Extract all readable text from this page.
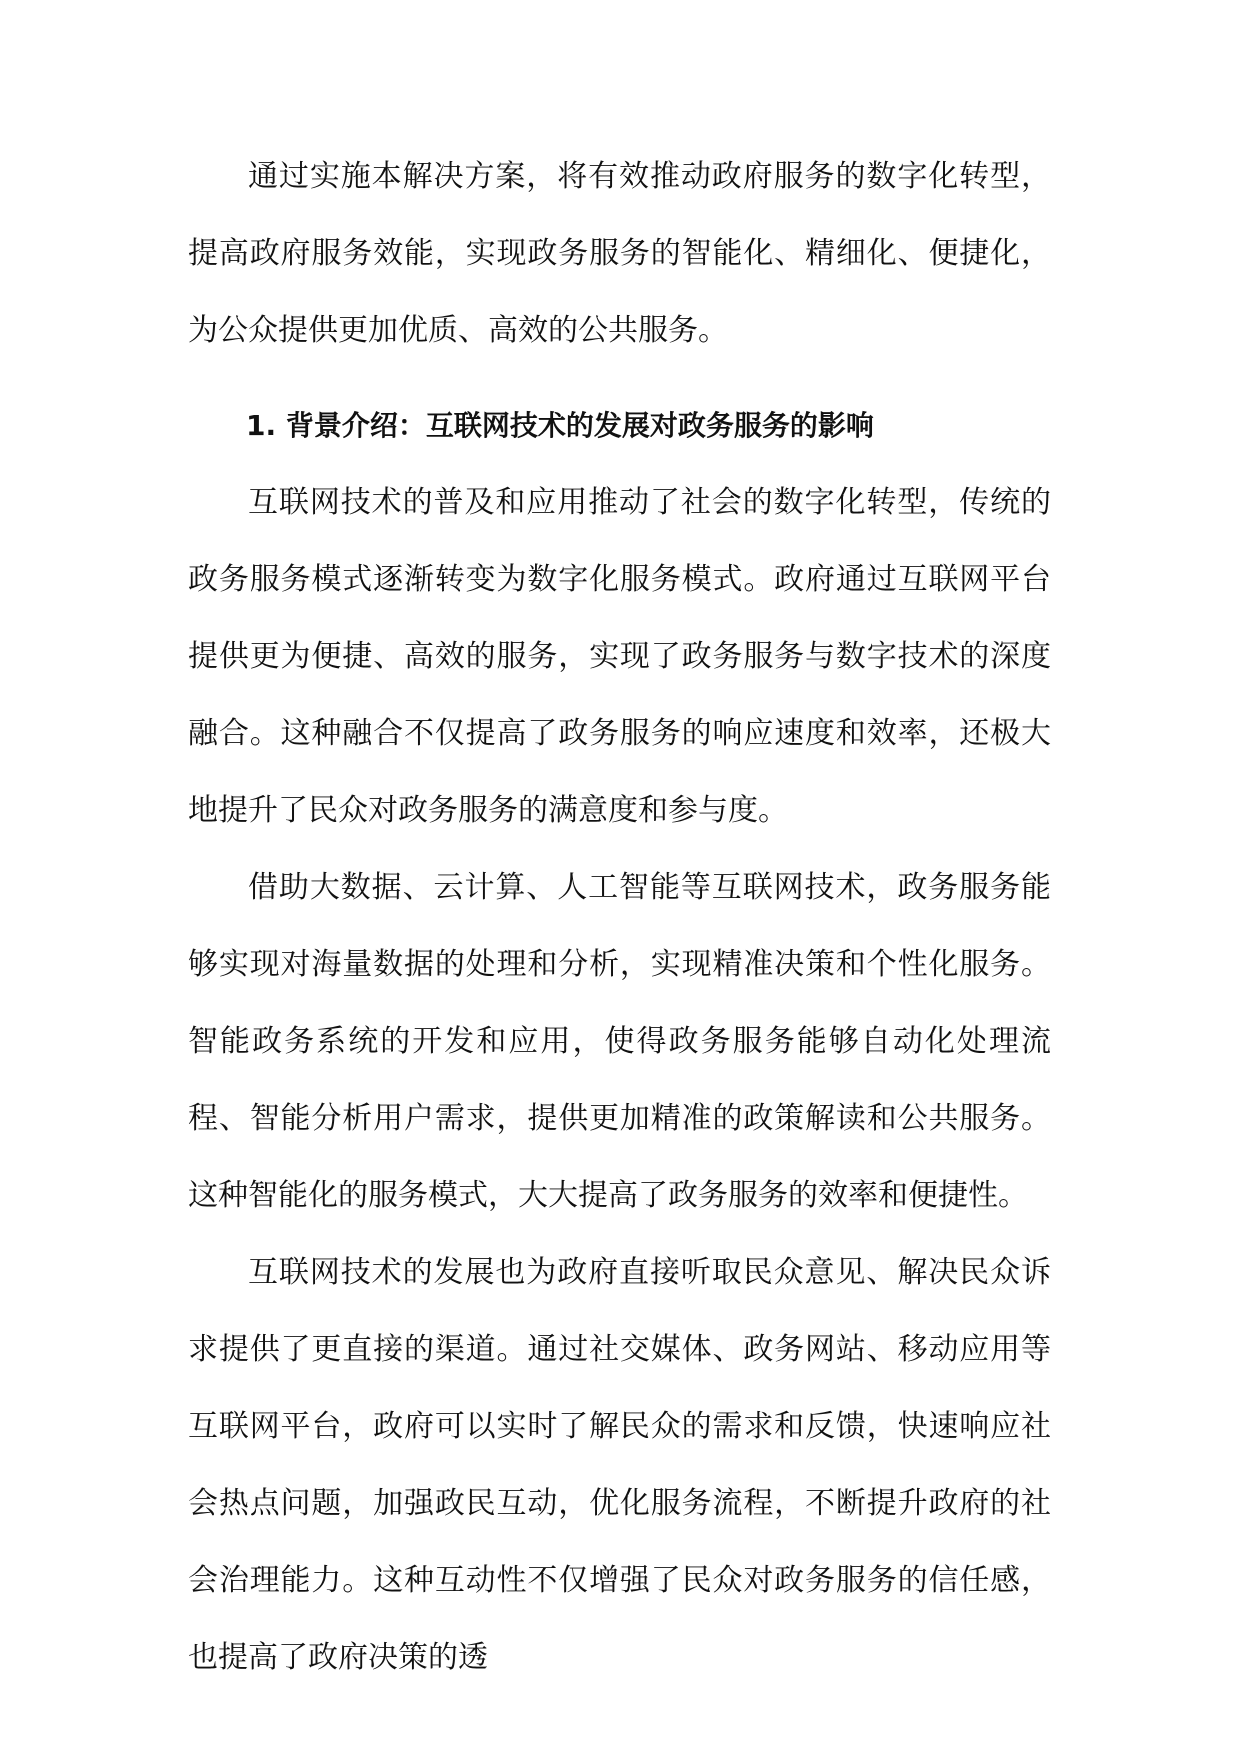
通过实施本解决方案，将有效推动政府服务的数字化转型，提高政府服务效能，实现政务服务的智能化、精细化、便捷化，为公众提供更加优质、高效的公共服务。

1. 背景介绍：互联网技术的发展对政务服务的影响

互联网技术的普及和应用推动了社会的数字化转型，传统的政务服务模式逐渐转变为数字化服务模式。政府通过互联网平台提供更为便捷、高效的服务，实现了政务服务与数字技术的深度融合。这种融合不仅提高了政务服务的响应速度和效率，还极大地提升了民众对政务服务的满意度和参与度。

借助大数据、云计算、人工智能等互联网技术，政务服务能够实现对海量数据的处理和分析，实现精准决策和个性化服务。智能政务系统的开发和应用，使得政务服务能够自动化处理流程、智能分析用户需求，提供更加精准的政策解读和公共服务。这种智能化的服务模式，大大提高了政务服务的效率和便捷性。

互联网技术的发展也为政府直接听取民众意见、解决民众诉求提供了更直接的渠道。通过社交媒体、政务网站、移动应用等互联网平台，政府可以实时了解民众的需求和反馈，快速响应社会热点问题，加强政民互动，优化服务流程，不断提升政府的社会治理能力。这种互动性不仅增强了民众对政务服务的信任感，也提高了政府决策的透
